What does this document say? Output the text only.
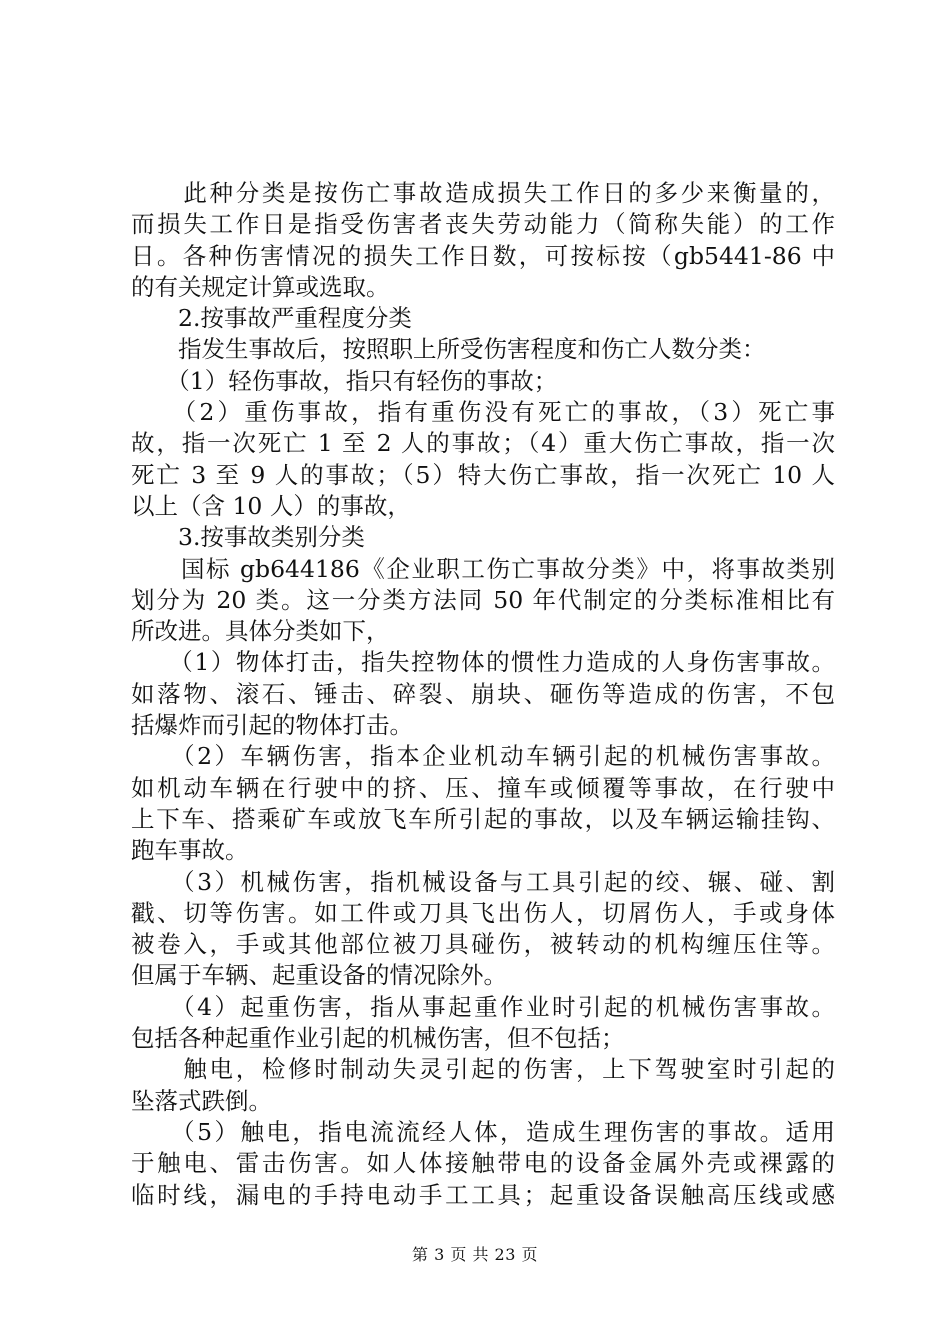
　　此种分类是按伤亡事故造成损失工作日的多少来衡量的，
而损失工作日是指受伤害者丧失劳动能力（简称失能）的工作
日。各种伤害情况的损失工作日数，可按标按（gb5441-86 中
的有关规定计算或选取。
　　2.按事故严重程度分类
　　指发生事故后，按照职上所受伤害程度和伤亡人数分类：
　　（1）轻伤事故，指只有轻伤的事故；
　　（2）重伤事故，指有重伤没有死亡的事故，（3）死亡事
故，指一次死亡 1 至 2 人的事故；（4）重大伤亡事故，指一次
死亡 3 至 9 人的事故；（5）特大伤亡事故，指一次死亡 10 人
以上（含 10 人）的事故，
　　3.按事故类别分类
　　国标 gb644186《企业职工伤亡事故分类》中，将事故类别
划分为 20 类。这一分类方法同 50 年代制定的分类标准相比有
所改进。具体分类如下，
　　（1）物体打击，指失控物体的惯性力造成的人身伤害事故。
如落物、滚石、锤击、碎裂、崩块、砸伤等造成的伤害，不包
括爆炸而引起的物体打击。
　　（2）车辆伤害，指本企业机动车辆引起的机械伤害事故。
如机动车辆在行驶中的挤、压、撞车或倾覆等事故，在行驶中
上下车、搭乘矿车或放飞车所引起的事故，以及车辆运输挂钩、
跑车事故。
　　（3）机械伤害，指机械设备与工具引起的绞、辗、碰、割
戳、切等伤害。如工件或刀具飞出伤人，切屑伤人，手或身体
被卷入，手或其他部位被刀具碰伤，被转动的机构缠压住等。
但属于车辆、起重设备的情况除外。
　　（4）起重伤害，指从事起重作业时引起的机械伤害事故。
包括各种起重作业引起的机械伤害，但不包括；
　　触电，检修时制动失灵引起的伤害，上下驾驶室时引起的
坠落式跌倒。
　　（5）触电，指电流流经人体，造成生理伤害的事故。适用
于触电、雷击伤害。如人体接触带电的设备金属外壳或裸露的
临时线，漏电的手持电动手工工具；起重设备误触高压线或感
第 3 页 共 23 页
